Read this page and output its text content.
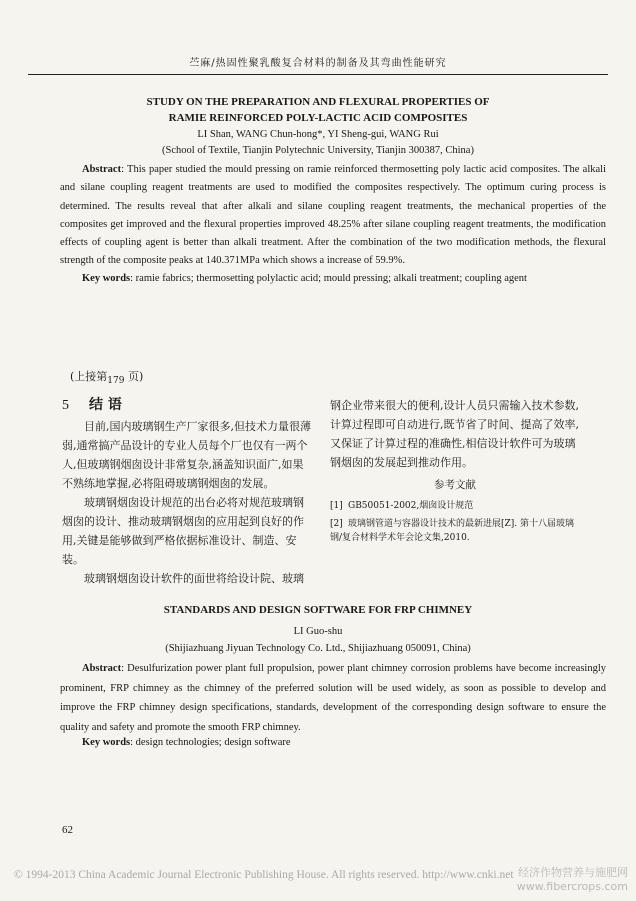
苎麻/热固性聚乳酸复合材料的制备及其弯曲性能研究
STUDY ON THE PREPARATION AND FLEXURAL PROPERTIES OF
RAMIE REINFORCED POLY-LACTIC ACID COMPOSITES
LI Shan, WANG Chun-hong*, YI Sheng-gui, WANG Rui
(School of Textile, Tianjin Polytechnic University, Tianjin 300387, China)

Abstract: This paper studied the mould pressing on ramie reinforced thermosetting poly lactic acid composites. The alkali and silane coupling reagent treatments are used to modified the composites respectively. The optimum curing process is determined. The results reveal that after alkali and silane coupling reagent treatments, the mechanical properties of the composites get improved and the flexural properties improved 48.25% after silane coupling reagent treatments, the modification effects of coupling agent is better than alkali treatment. After the combination of the two modification methods, the flexural strength of the composite peaks at 140.371MPa which shows a increase of 59.9%.

Key words: ramie fabrics; thermosetting polylactic acid; mould pressing; alkali treatment; coupling agent
(上接第$_{179}$ 页)
5 结 语

目前,国内玻璃钢生产厂家很多,但技术力量很薄弱,通常搞产品设计的专业人员每个厂也仅有一两个人,但玻璃钢烟囱设计非常复杂,涵盖知识面广,如果不熟练地掌握,必将阻碍玻璃钢烟囱的发展。

玻璃钢烟囱设计规范的出台必将对规范玻璃钢烟囱的设计、推动玻璃钢烟囱的应用起到良好的作用,关键是能够做到严格依据标准设计、制造、安装。

玻璃钢烟囱设计软件的面世将给设计院、玻璃

钢企业带来很大的便利,设计人员只需输入技术参数,计算过程即可自动进行,既节省了时间、提高了效率,又保证了计算过程的准确性,相信设计软件可为玻璃钢烟囱的发展起到推动作用。

参考文献
[1] GB50051-2002,烟囱设计规范
[2] 玻璃钢管道与容器设计技术的最新进展[Z]. 第十八届玻璃钢/复合材料学术年会论文集,2010.
STANDARDS AND DESIGN SOFTWARE FOR FRP CHIMNEY
LI Guo-shu
(Shijiazhuang Jiyuan Technology Co. Ltd., Shijiazhuang 050091, China)

Abstract: Desulfurization power plant full propulsion, power plant chimney corrosion problems have become increasingly prominent, FRP chimney as the chimney of the preferred solution will be used widely, as soon as possible to develop and improve the FRP chimney design specifications, standards, development of the corresponding design software to ensure the quality and safety and promote the smooth FRP chimney.

Key words: design technologies; design software
62
© 1994-2013 China Academic Journal Electronic Publishing House. All rights reserved. http://www.cnki.net 经济作物营养与施肥网
www.fibercrops.com
